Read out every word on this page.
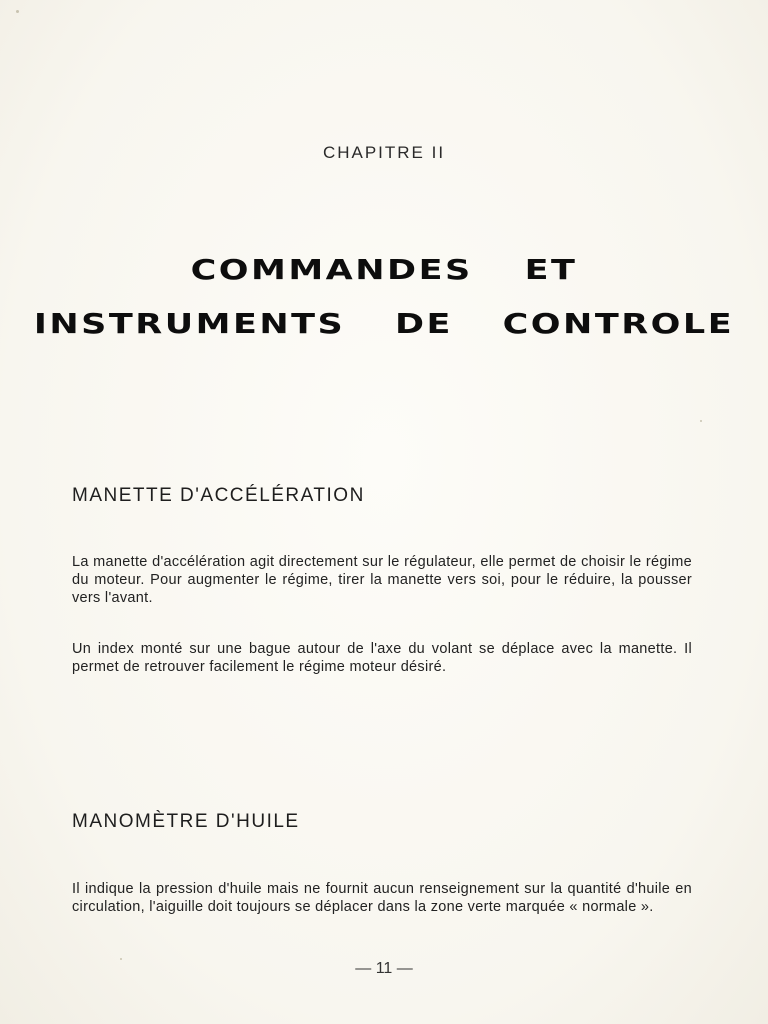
CHAPITRE II
COMMANDES ET
INSTRUMENTS DE CONTROLE
MANETTE D'ACCÉLÉRATION
La manette d'accélération agit directement sur le régulateur, elle permet de choisir le régime du moteur. Pour augmenter le régime, tirer la manette vers soi, pour le réduire, la pousser vers l'avant.
Un index monté sur une bague autour de l'axe du volant se déplace avec la manette. Il permet de retrouver facilement le régime moteur désiré.
MANOMÈTRE D'HUILE
Il indique la pression d'huile mais ne fournit aucun renseignement sur la quantité d'huile en circulation, l'aiguille doit toujours se déplacer dans la zone verte marquée « normale ».
— 11 —
